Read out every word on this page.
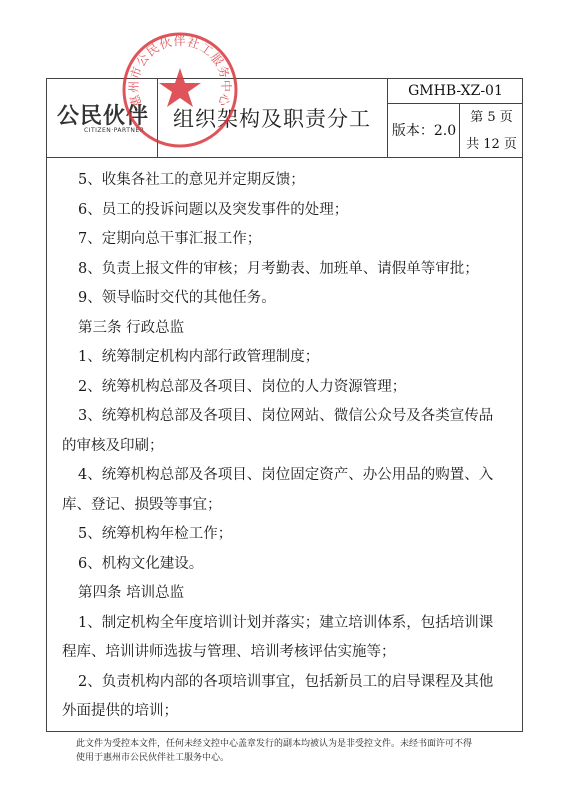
公民伙伴
CITIZEN·PARTNER 组织架构及职责分工
GMHB-XZ-01
版本：2.0
第 5 页
共 12 页
惠州市公民伙伴社工服务中心

5、收集各社工的意见并定期反馈；

6、员工的投诉问题以及突发事件的处理；

7、定期向总干事汇报工作；

8、负责上报文件的审核；月考勤表、加班单、请假单等审批；

9、领导临时交代的其他任务。

第三条 行政总监

1、统筹制定机构内部行政管理制度；

2、统筹机构总部及各项目、岗位的人力资源管理；

3、统筹机构总部及各项目、岗位网站、微信公众号及各类宣传品

的审核及印刷；

4、统筹机构总部及各项目、岗位固定资产、办公用品的购置、入

库、登记、损毁等事宜；

5、统筹机构年检工作；

6、机构文化建设。

第四条 培训总监

1、制定机构全年度培训计划并落实；建立培训体系，包括培训课

程库、培训讲师选拔与管理、培训考核评估实施等；

2、负责机构内部的各项培训事宜，包括新员工的启导课程及其他

外面提供的培训；

此文件为受控本文件，任何未经文控中心盖章发行的副本均被认为是非受控文件。未经书面许可不得
使用于惠州市公民伙伴社工服务中心。
